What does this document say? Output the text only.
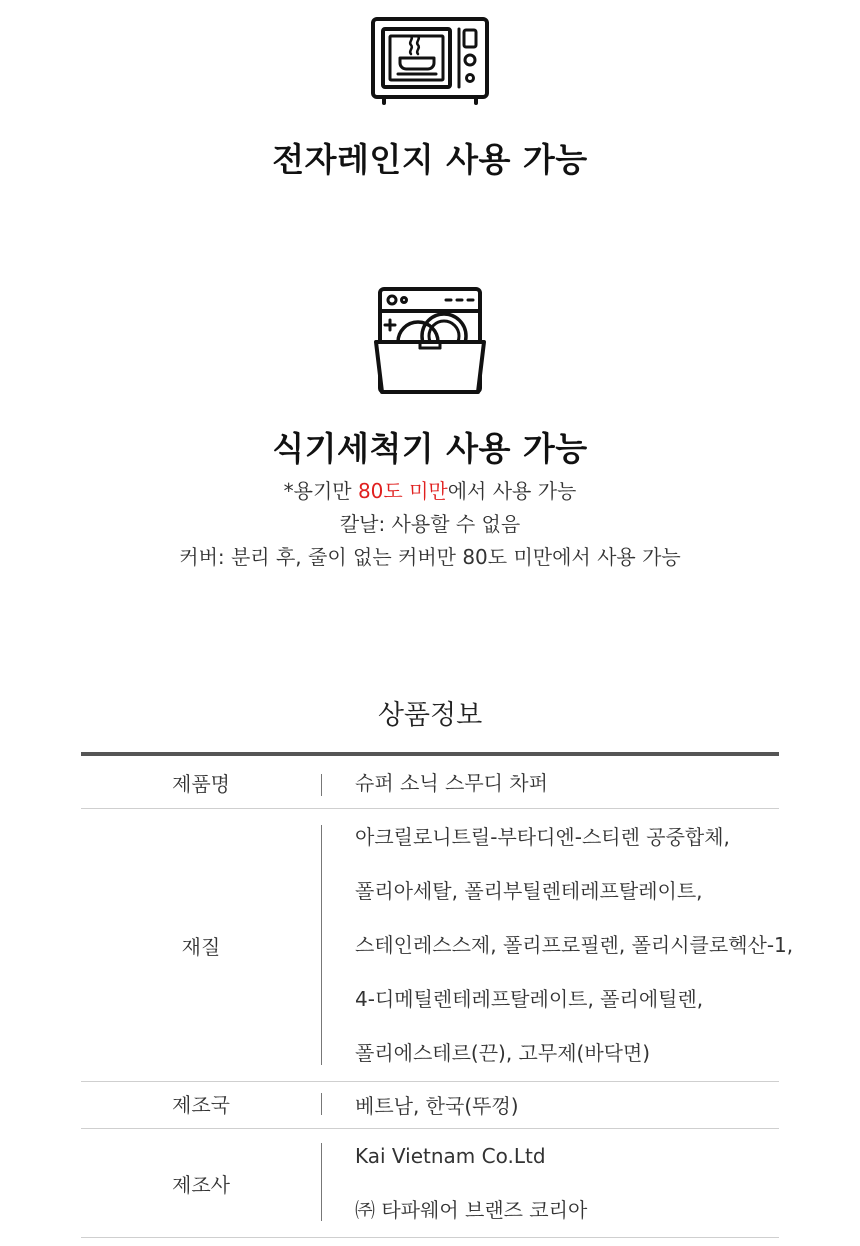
전자레인지 사용 가능
식기세척기 사용 가능
*용기만 80도 미만에서 사용 가능
칼날: 사용할 수 없음
커버: 분리 후, 줄이 없는 커버만 80도 미만에서 사용 가능
상품정보
제품명	슈퍼 소닉 스무디 차퍼
재질
아크릴로니트릴-부타디엔-스티렌 공중합체,
폴리아세탈, 폴리부틸렌테레프탈레이트,
스테인레스스제, 폴리프로필렌, 폴리시클로헥산-1,
4-디메틸렌테레프탈레이트, 폴리에틸렌,
폴리에스테르(끈), 고무제(바닥면)
제조국	베트남, 한국(뚜껑)
제조사
Kai Vietnam Co.Ltd
㈜ 타파웨어 브랜즈 코리아
